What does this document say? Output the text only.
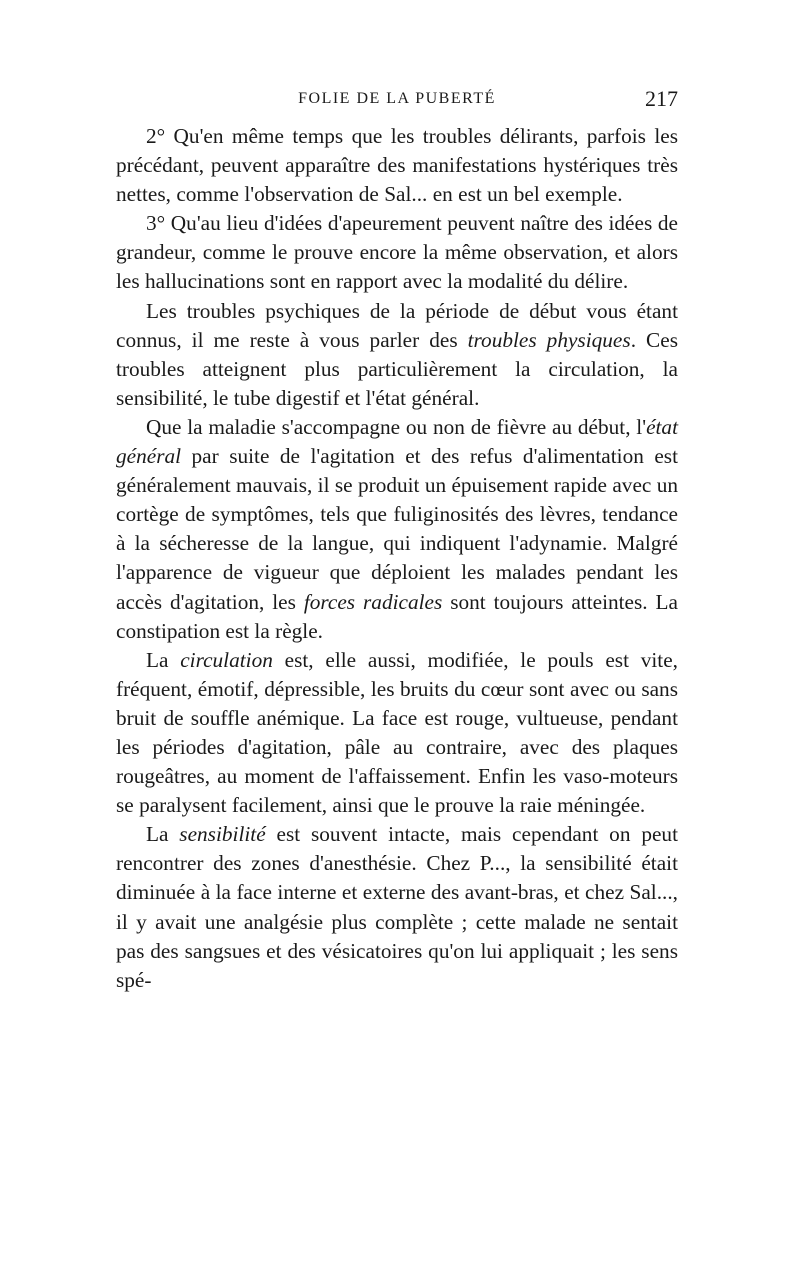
FOLIE DE LA PUBERTÉ	217

2° Qu'en même temps que les troubles délirants, parfois les précédant, peuvent apparaître des manifestations hystériques très nettes, comme l'observation de Sal... en est un bel exemple.

3° Qu'au lieu d'idées d'apeurement peuvent naître des idées de grandeur, comme le prouve encore la même observation, et alors les hallucinations sont en rapport avec la modalité du délire.

Les troubles psychiques de la période de début vous étant connus, il me reste à vous parler des troubles physiques. Ces troubles atteignent plus particulièrement la circulation, la sensibilité, le tube digestif et l'état général.

Que la maladie s'accompagne ou non de fièvre au début, l'état général par suite de l'agitation et des refus d'alimentation est généralement mauvais, il se produit un épuisement rapide avec un cortège de symptômes, tels que fuliginosités des lèvres, tendance à la sécheresse de la langue, qui indiquent l'adynamie. Malgré l'apparence de vigueur que déploient les malades pendant les accès d'agitation, les forces radicales sont toujours atteintes. La constipation est la règle.

La circulation est, elle aussi, modifiée, le pouls est vite, fréquent, émotif, dépressible, les bruits du cœur sont avec ou sans bruit de souffle anémique. La face est rouge, vultueuse, pendant les périodes d'agitation, pâle au contraire, avec des plaques rougeâtres, au moment de l'affaissement. Enfin les vaso-moteurs se paralysent facilement, ainsi que le prouve la raie méningée.

La sensibilité est souvent intacte, mais cependant on peut rencontrer des zones d'anesthésie. Chez P..., la sensibilité était diminuée à la face interne et externe des avant-bras, et chez Sal..., il y avait une analgésie plus complète ; cette malade ne sentait pas des sangsues et des vésicatoires qu'on lui appliquait ; les sens spé-
